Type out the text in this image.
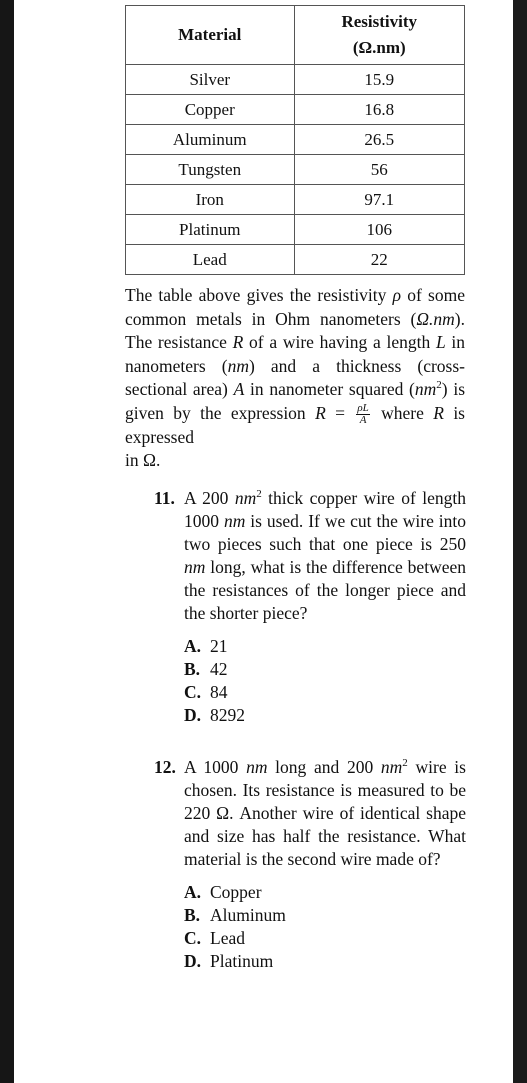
Material	Resistivity
(Ω.nm)
Silver	15.9
Copper	16.8
Aluminum	26.5
Tungsten	56
Iron	97.1
Platinum	106
Lead	22
The table above gives the resistivity ρ of some common metals in Ohm nanometers (Ω.nm). The resistance R of a wire having a length L in nanometers (nm) and a thickness (cross-sectional area) A in nanometer squared $(nm^2)$ is given by the expression $R = \frac{\rho L}{A}$ where R is expressed
in Ω.
11. A 200 $nm^2$ thick copper wire of length 1000 nm is used. If we cut the wire into two pieces such that one piece is 250 nm long, what is the difference between the resistances of the longer piece and the shorter piece?
A. 21
B. 42
C. 84
D. 8292
12. A 1000 nm long and 200 $nm^2$ wire is chosen. Its resistance is measured to be 220 Ω. Another wire of identical shape and size has half the resistance. What material is the second wire made of?
A. Copper
B. Aluminum
C. Lead
D. Platinum
